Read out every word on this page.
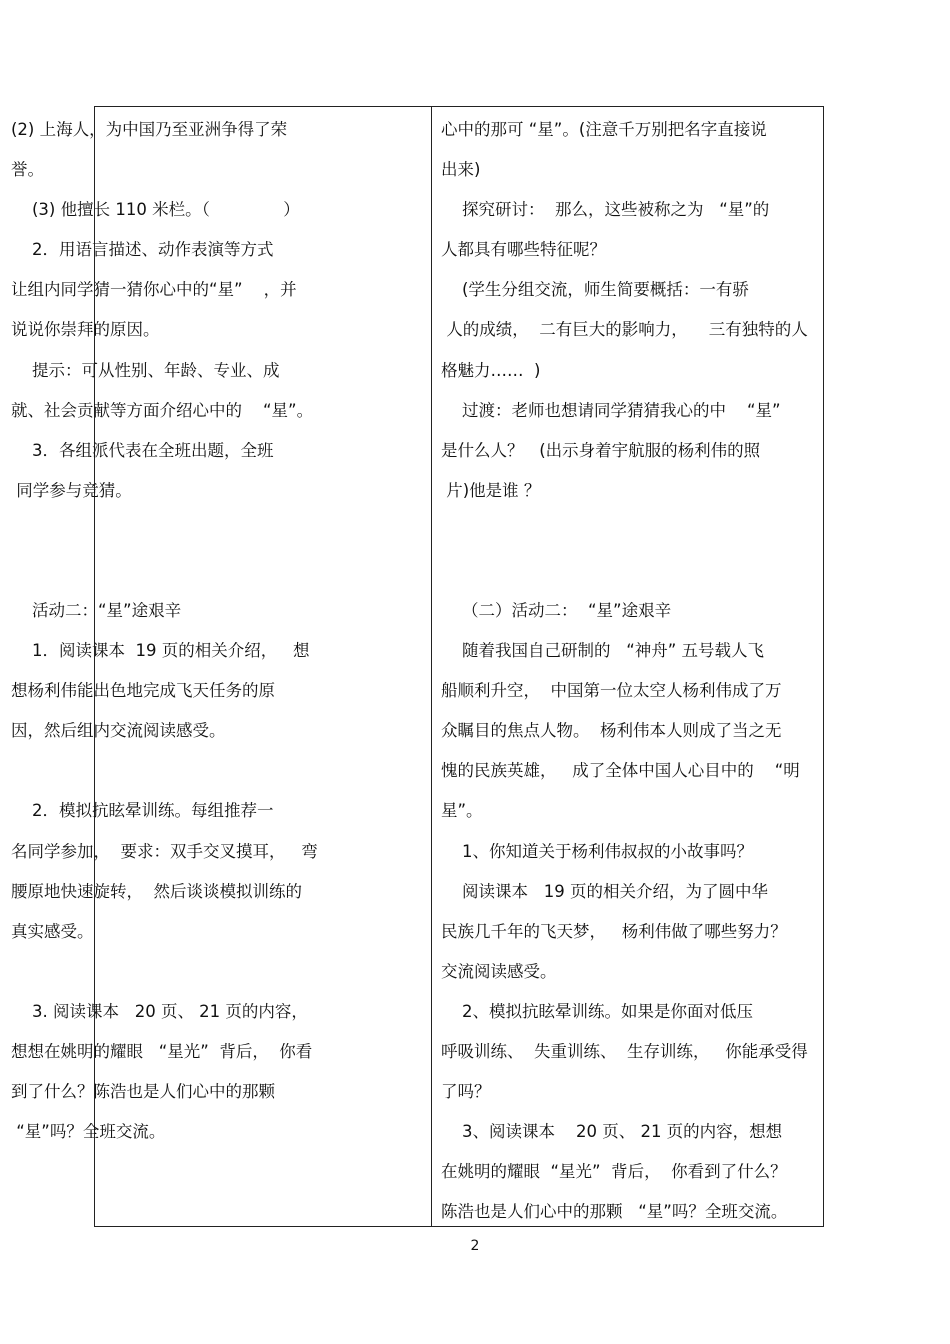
(2) 上海人，为中国乃至亚洲争得了荣
誉。
(3) 他擅长 110 米栏。（              ）
2．用语言描述、动作表演等方式
让组内同学猜一猜你心中的“星”    ，并
说说你崇拜的原因。
提示：可从性别、年龄、专业、成
就、社会贡献等方面介绍心中的    “星”。
3．各组派代表在全班出题，全班
同学参与竞猜。
活动二：“星”途艰辛
1．阅读课本  19 页的相关介绍，   想
想杨利伟能出色地完成飞天任务的原
因，然后组内交流阅读感受。
2．模拟抗眩晕训练。每组推荐一
名同学参加，  要求：双手交叉摸耳，   弯
腰原地快速旋转，  然后谈谈模拟训练的
真实感受。
3. 阅读课本   20 页、 21 页的内容，
想想在姚明的耀眼   “星光”  背后，  你看
到了什么？陈浩也是人们心中的那颗
“星”吗？全班交流。
心中的那可 “星”。(注意千万别把名字直接说
出来)
探究研讨：  那么，这些被称之为   “星”的
人都具有哪些特征呢？
(学生分组交流，师生简要概括：一有骄
人的成绩，  二有巨大的影响力，    三有独特的人
格魅力……  )
过渡：老师也想请同学猜猜我心的中    “星”
是什么人？   (出示身着宇航服的杨利伟的照
片)他是谁 ？
（二）活动二：  “星”途艰辛
随着我国自己研制的   “神舟” 五号载人飞
船顺利升空，  中国第一位太空人杨利伟成了万
众瞩目的焦点人物。  杨利伟本人则成了当之无
愧的民族英雄，   成了全体中国人心目中的    “明
星”。
1、你知道关于杨利伟叔叔的小故事吗？
阅读课本   19 页的相关介绍，为了圆中华
民族几千年的飞天梦，   杨利伟做了哪些努力？
交流阅读感受。
2、模拟抗眩晕训练。如果是你面对低压
呼吸训练、  失重训练、  生存训练，   你能承受得
了吗？
3、阅读课本    20 页、 21 页的内容，想想
在姚明的耀眼  “星光”  背后，  你看到了什么？
陈浩也是人们心中的那颗   “星”吗？全班交流。
2
